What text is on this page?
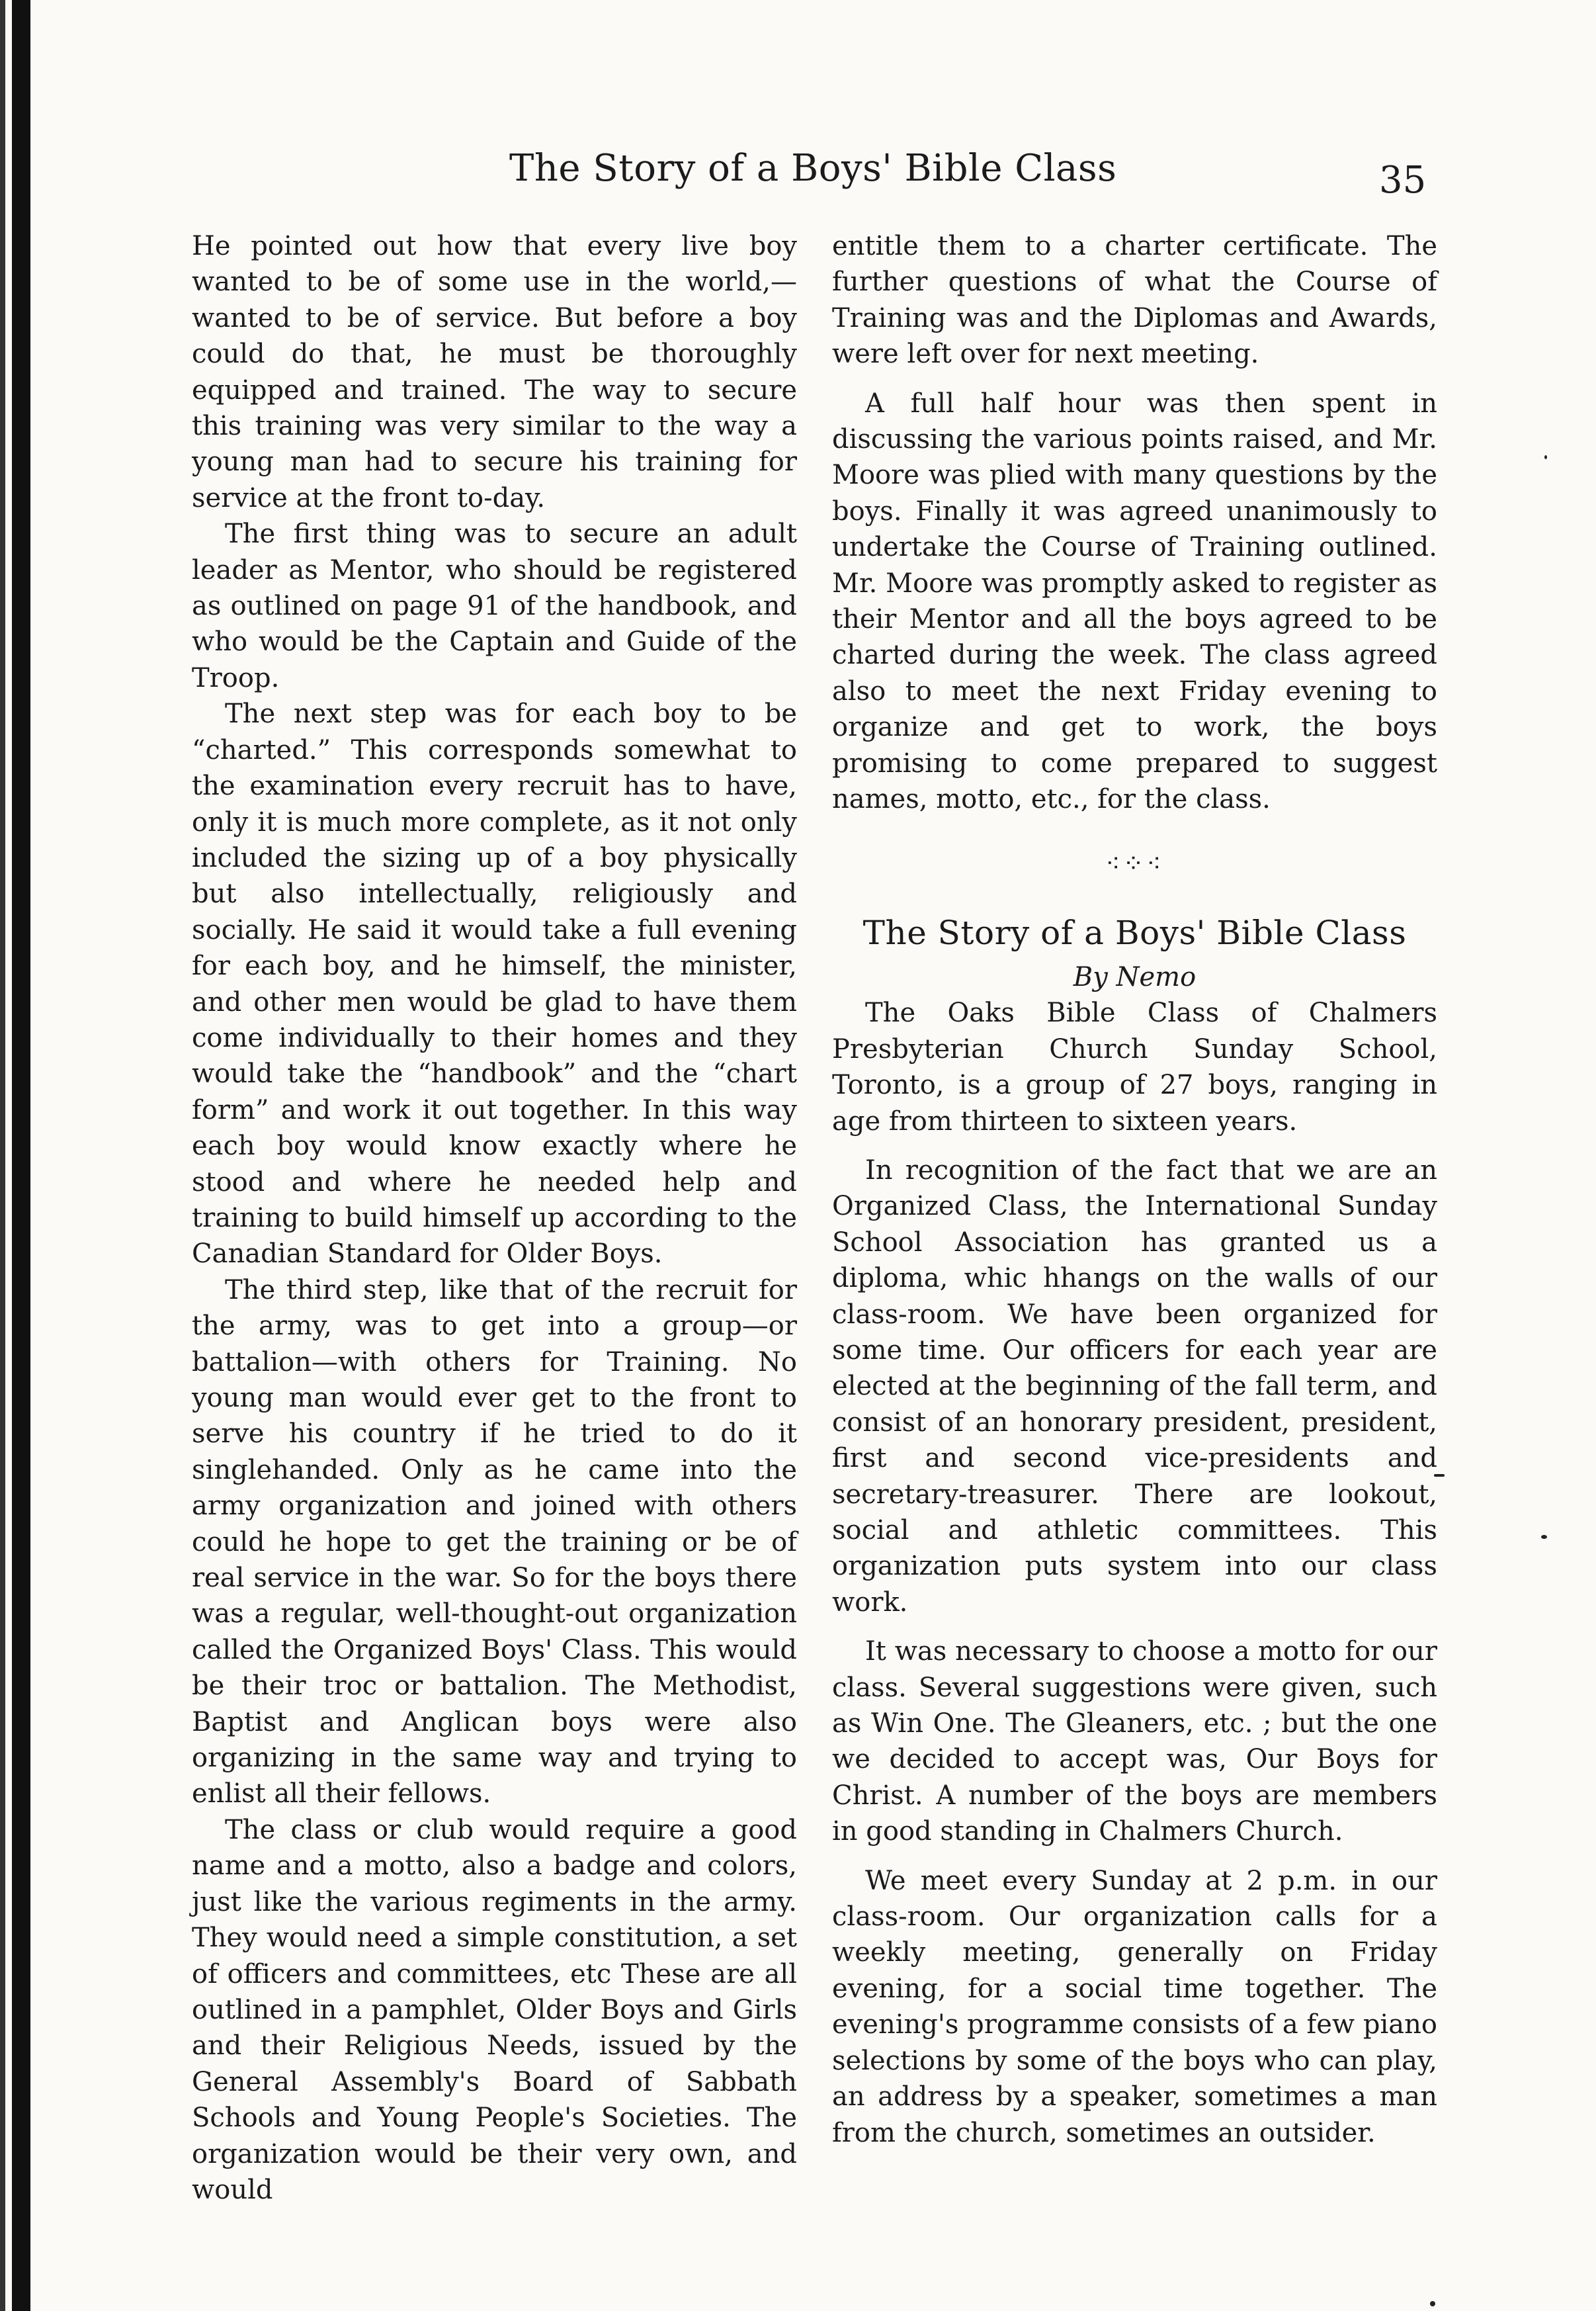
The Story of a Boys' Bible Class	35

He pointed out how that every live boy wanted to be of some use in the world,— wanted to be of service. But before a boy could do that, he must be thoroughly equipped and trained. The way to secure this training was very similar to the way a young man had to secure his training for service at the front to-day.

The first thing was to secure an adult leader as Mentor, who should be registered as outlined on page 91 of the handbook, and who would be the Captain and Guide of the Troop.

The next step was for each boy to be “charted.” This corresponds somewhat to the examination every recruit has to have, only it is much more complete, as it not only included the sizing up of a boy physically but also intellectually, religiously and socially. He said it would take a full evening for each boy, and he himself, the minister, and other men would be glad to have them come individually to their homes and they would take the “handbook” and the “chart form” and work it out together. In this way each boy would know exactly where he stood and where he needed help and training to build himself up according to the Canadian Standard for Older Boys.

The third step, like that of the recruit for the army, was to get into a group—or battalion—with others for Training. No young man would ever get to the front to serve his country if he tried to do it singlehanded. Only as he came into the army organization and joined with others could he hope to get the training or be of real service in the war. So for the boys there was a regular, well-thought-out organization called the Organized Boys' Class. This would be their troc or battalion. The Methodist, Baptist and Anglican boys were also organizing in the same way and trying to enlist all their fellows.

The class or club would require a good name and a motto, also a badge and colors, just like the various regiments in the army. They would need a simple constitution, a set of officers and committees, etc These are all outlined in a pamphlet, Older Boys and Girls and their Religious Needs, issued by the General Assembly's Board of Sabbath Schools and Young People's Societies. The organization would be their very own, and would

entitle them to a charter certificate. The further questions of what the Course of Training was and the Diplomas and Awards, were left over for next meeting.

A full half hour was then spent in discussing the various points raised, and Mr. Moore was plied with many questions by the boys. Finally it was agreed unanimously to undertake the Course of Training outlined. Mr. Moore was promptly asked to register as their Mentor and all the boys agreed to be charted during the week. The class agreed also to meet the next Friday evening to organize and get to work, the boys promising to come prepared to suggest names, motto, etc., for the class.

⁖⁘⁖

The Story of a Boys' Bible Class

By Nemo

The Oaks Bible Class of Chalmers Presbyterian Church Sunday School, Toronto, is a group of 27 boys, ranging in age from thirteen to sixteen years.

In recognition of the fact that we are an Organized Class, the International Sunday School Association has granted us a diploma, whic hhangs on the walls of our class-room. We have been organized for some time. Our officers for each year are elected at the beginning of the fall term, and consist of an honorary president, president, first and second vice-presidents and secretary-treasurer. There are lookout, social and athletic committees. This organization puts system into our class work.

It was necessary to choose a motto for our class. Several suggestions were given, such as Win One. The Gleaners, etc. ; but the one we decided to accept was, Our Boys for Christ. A number of the boys are members in good standing in Chalmers Church.

We meet every Sunday at 2 p.m. in our class-room. Our organization calls for a weekly meeting, generally on Friday evening, for a social time together. The evening's programme consists of a few piano selections by some of the boys who can play, an address by a speaker, sometimes a man from the church, sometimes an outsider.
